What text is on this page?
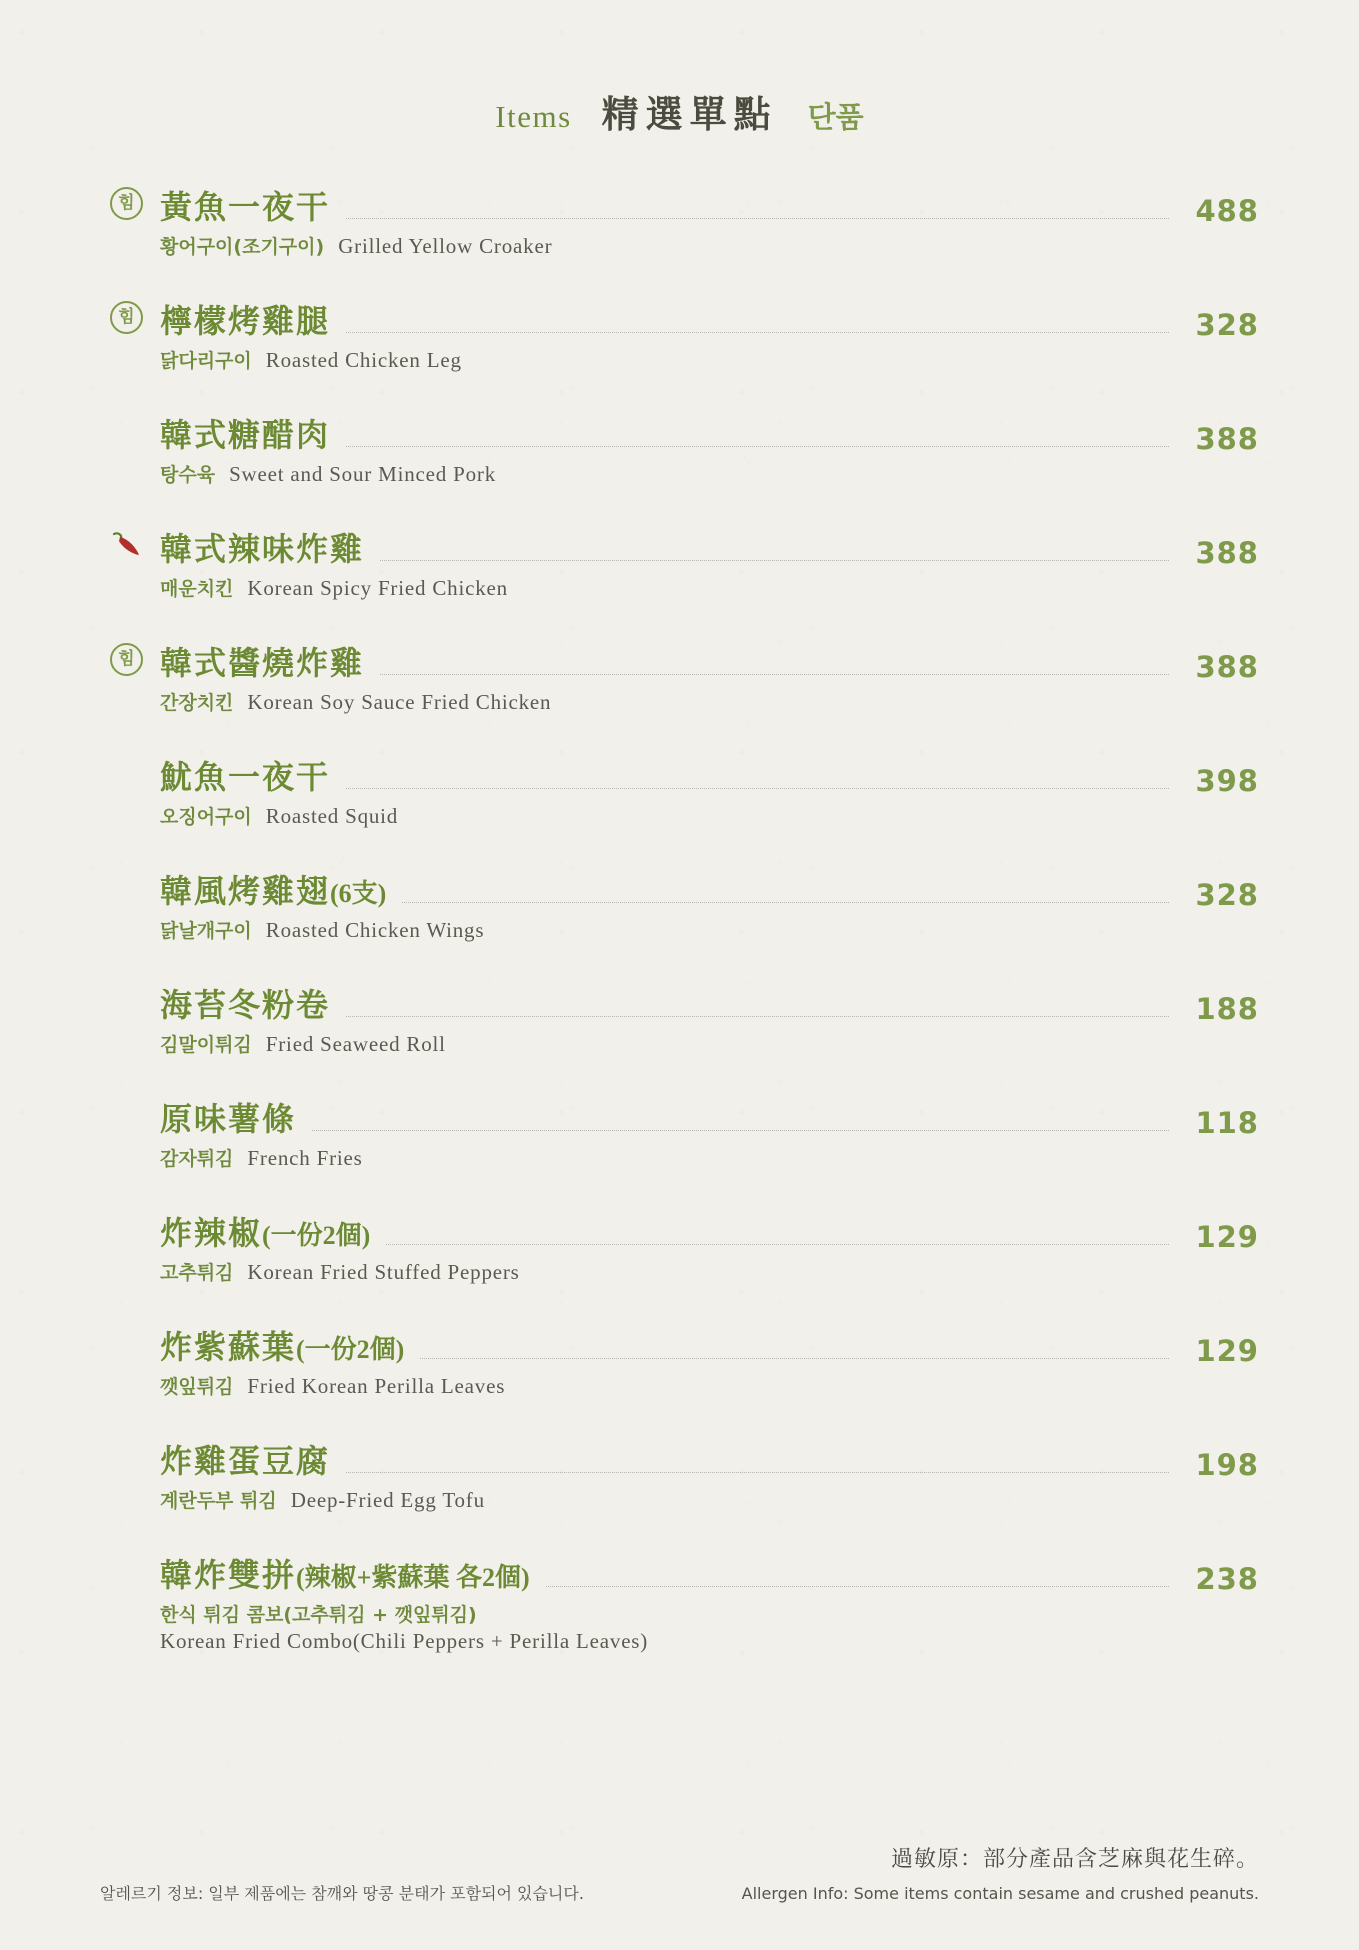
Items 精選單點 단품
힘 黃魚一夜干	488
황어구이(조기구이) Grilled Yellow Croaker
힘 檸檬烤雞腿	328
닭다리구이 Roasted Chicken Leg
韓式糖醋肉	388
탕수육 Sweet and Sour Minced Pork
韓式辣味炸雞	388
매운치킨 Korean Spicy Fried Chicken
힘 韓式醬燒炸雞	388
간장치킨 Korean Soy Sauce Fried Chicken
魷魚一夜干	398
오징어구이 Roasted Squid
韓風烤雞翅(6支)	328
닭날개구이 Roasted Chicken Wings
海苔冬粉卷	188
김말이튀김 Fried Seaweed Roll
原味薯條	118
감자튀김 French Fries
炸辣椒(一份2個)	129
고추튀김 Korean Fried Stuffed Peppers
炸紫蘇葉(一份2個)	129
깻잎튀김 Fried Korean Perilla Leaves
炸雞蛋豆腐	198
계란두부 튀김 Deep-Fried Egg Tofu
韓炸雙拼(辣椒+紫蘇葉 各2個)	238
한식 튀김 콤보(고추튀김 + 깻잎튀김)
Korean Fried Combo(Chili Peppers + Perilla Leaves)
過敏原：部分產品含芝麻與花生碎。
알레르기 정보: 일부 제품에는 참깨와 땅콩 분태가 포함되어 있습니다.	Allergen Info: Some items contain sesame and crushed peanuts.
